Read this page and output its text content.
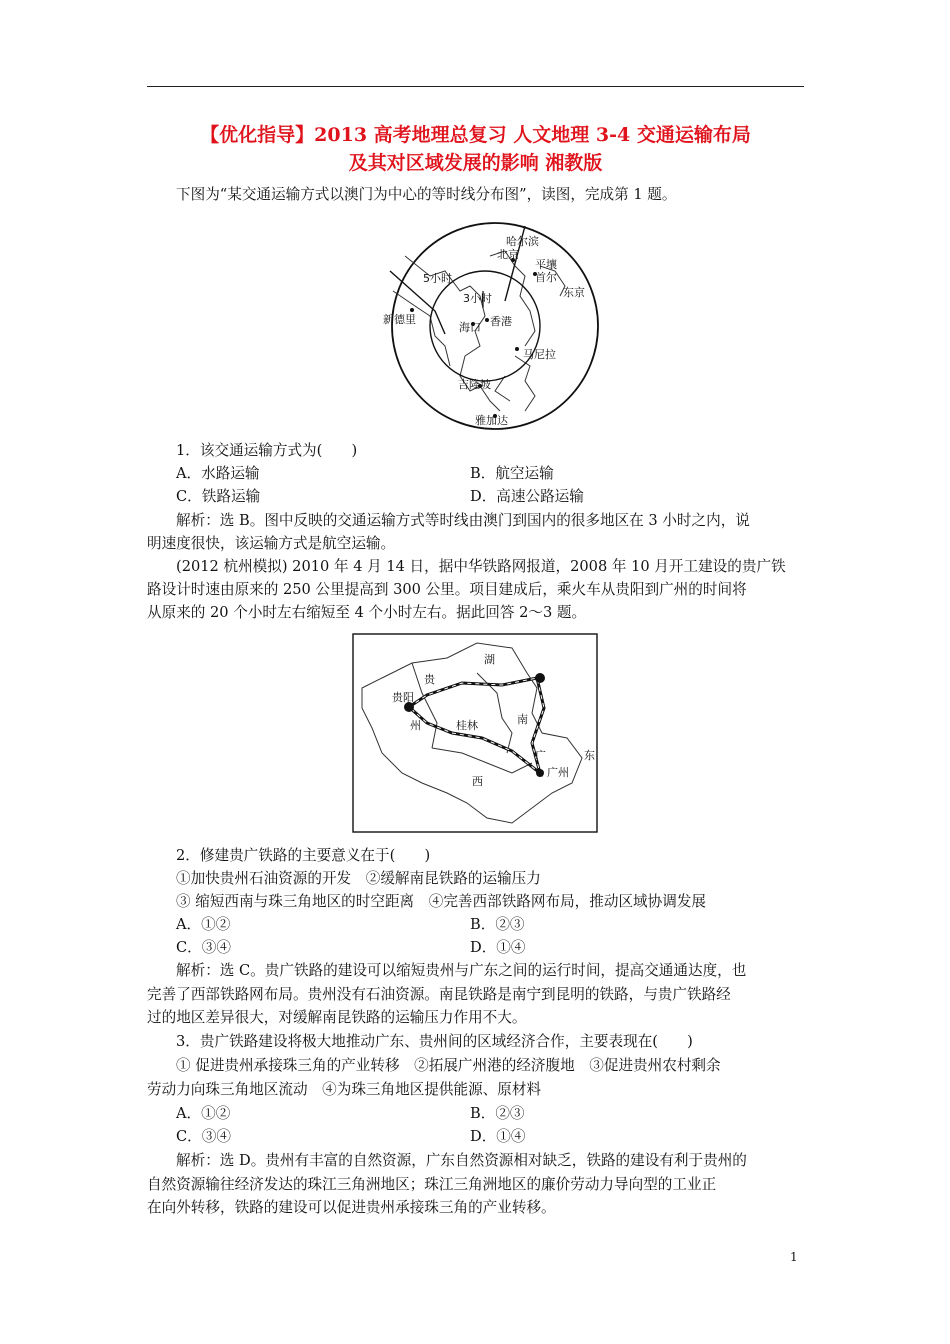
【优化指导】2013 高考地理总复习 人文地理 3-4 交通运输布局

及其对区域发展的影响 湘教版

下图为“某交通运输方式以澳门为中心的等时线分布图”，读图，完成第 1 题。

哈尔滨
北京
平壤
首尔
东京
5小时
3小时
新德里
海口 香港
马尼拉
吉隆坡
雅加达

1．该交通运输方式为(　　)

A．水路运输	B．航空运输
C．铁路运输	D．高速公路运输

解析：选 B。图中反映的交通运输方式等时线由澳门到国内的很多地区在 3 小时之内，说

明速度很快，该运输方式是航空运输。

(2012 杭州模拟) 2010 年 4 月 14 日，据中华铁路网报道，2008 年 10 月开工建设的贵广铁

路设计时速由原来的 250 公里提高到 300 公里。项目建成后，乘火车从贵阳到广州的时间将

从原来的 20 个小时左右缩短至 4 个小时左右。据此回答 2～3 题。

湖
贵
贵阳
州	桂林	南
广
广州
东
西

2．修建贵广铁路的主要意义在于(　　)

①加快贵州石油资源的开发　②缓解南昆铁路的运输压力

③ 缩短西南与珠三角地区的时空距离　④完善西部铁路网布局，推动区域协调发展

A．①②	B．②③
C．③④	D．①④

解析：选 C。贵广铁路的建设可以缩短贵州与广东之间的运行时间，提高交通通达度，也

完善了西部铁路网布局。贵州没有石油资源。南昆铁路是南宁到昆明的铁路，与贵广铁路经

过的地区差异很大，对缓解南昆铁路的运输压力作用不大。

3．贵广铁路建设将极大地推动广东、贵州间的区域经济合作，主要表现在(　　)

① 促进贵州承接珠三角的产业转移　②拓展广州港的经济腹地　③促进贵州农村剩余

劳动力向珠三角地区流动　④为珠三角地区提供能源、原材料

A．①②	B．②③
C．③④	D．①④

解析：选 D。贵州有丰富的自然资源，广东自然资源相对缺乏，铁路的建设有利于贵州的

自然资源输往经济发达的珠江三角洲地区；珠江三角洲地区的廉价劳动力导向型的工业正

在向外转移，铁路的建设可以促进贵州承接珠三角的产业转移。

1
